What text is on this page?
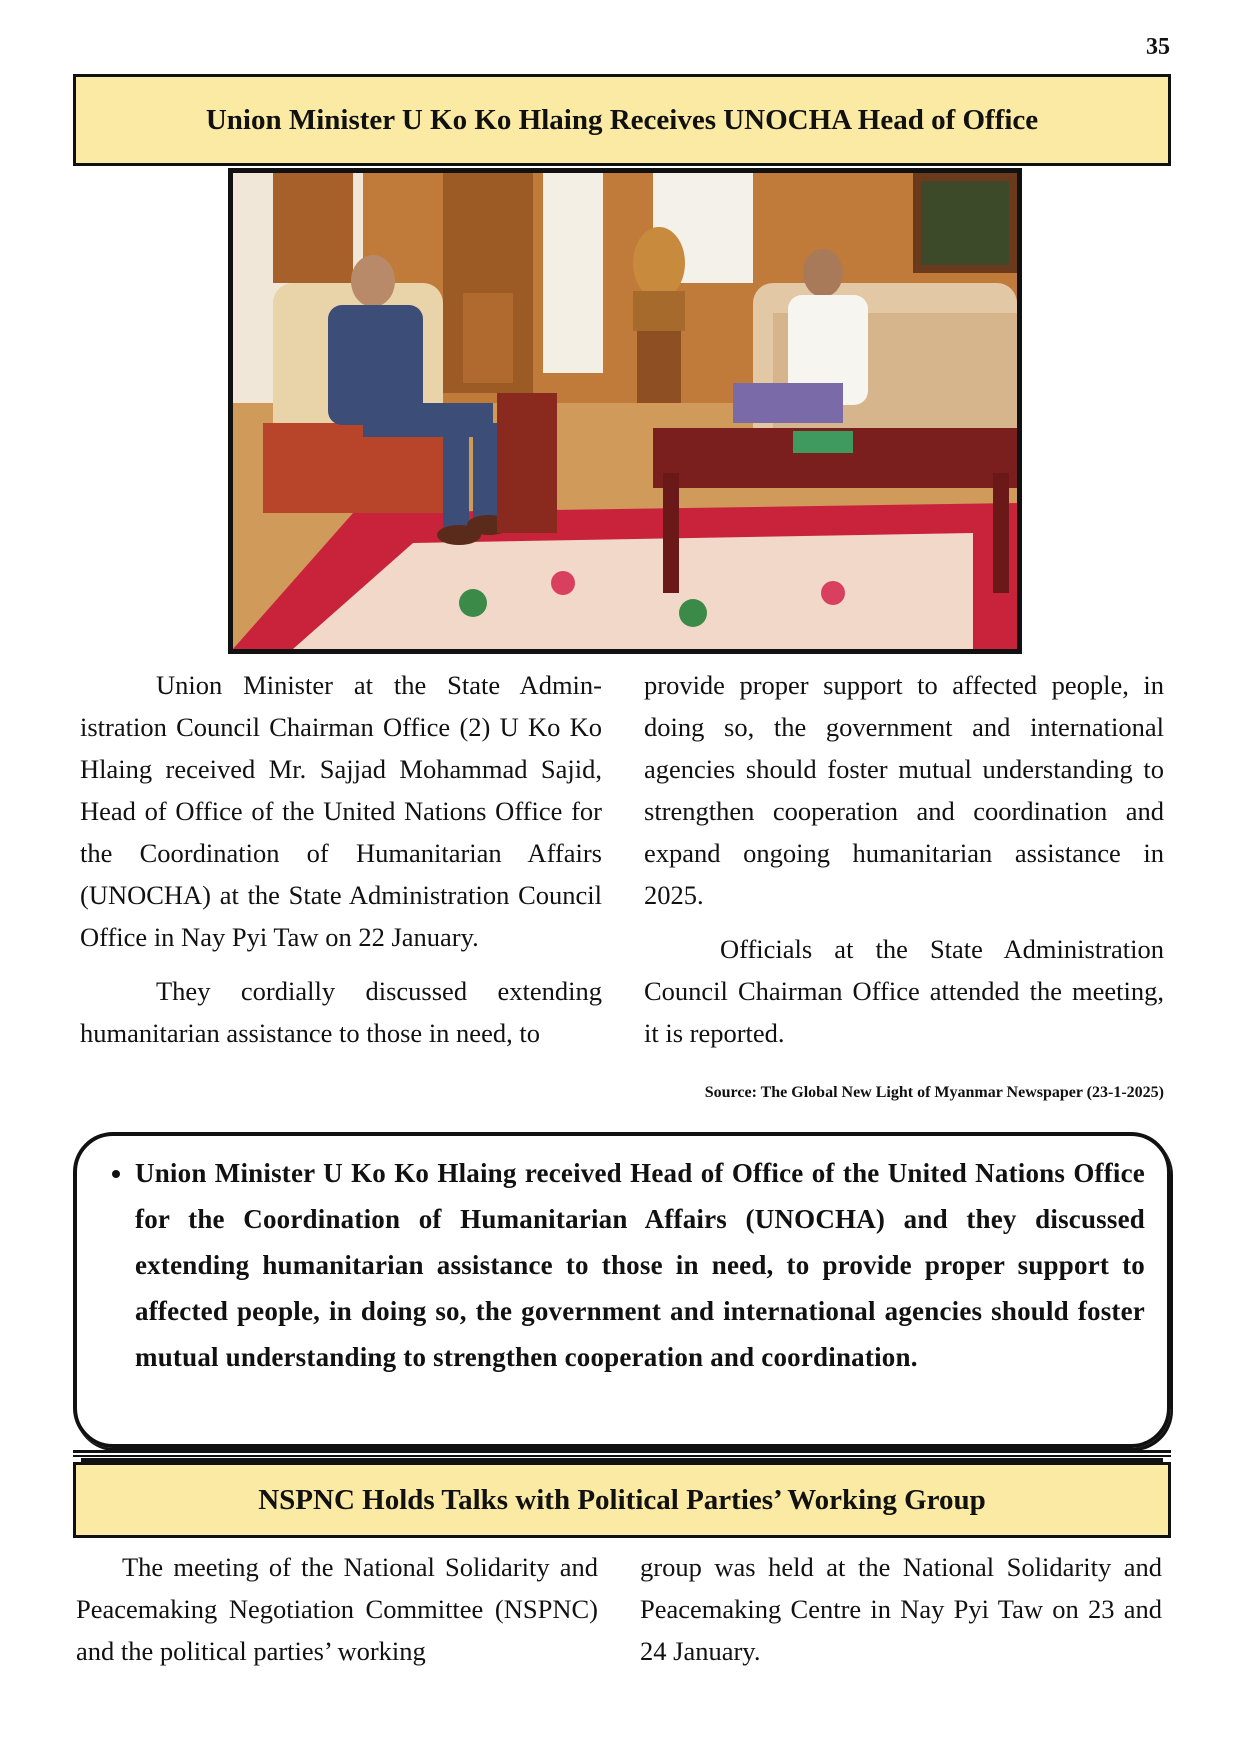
35
Union Minister U Ko Ko Hlaing Receives UNOCHA Head of Office

Union Minister at the State Administration Council Chairman Office (2) U Ko Ko Hlaing received Mr. Sajjad Mohammad Sajid, Head of Office of the United Nations Office for the Coordination of Humanitarian Affairs (UNOCHA) at the State Administration Council Office in Nay Pyi Taw on 22 January.

They cordially discussed extending humanitarian assistance to those in need, to

provide proper support to affected people, in doing so, the government and international agencies should foster mutual understanding to strengthen cooperation and coordination and expand ongoing humanitarian assistance in 2025.

Officials at the State Administration Council Chairman Office attended the meeting, it is reported.

Source: The Global New Light of Myanmar Newspaper (23-1-2025)
• Union Minister U Ko Ko Hlaing received Head of Office of the United Nations Office for the Coordination of Humanitarian Affairs (UNOCHA) and they discussed extending humanitarian assistance to those in need, to provide proper support to affected people, in doing so, the government and international agencies should foster mutual understanding to strengthen cooperation and coordination.
NSPNC Holds Talks with Political Parties’ Working Group

The meeting of the National Solidarity and Peacemaking Negotiation Committee (NSPNC) and the political parties’ working

group was held at the National Solidarity and Peacemaking Centre in Nay Pyi Taw on 23 and 24 January.
